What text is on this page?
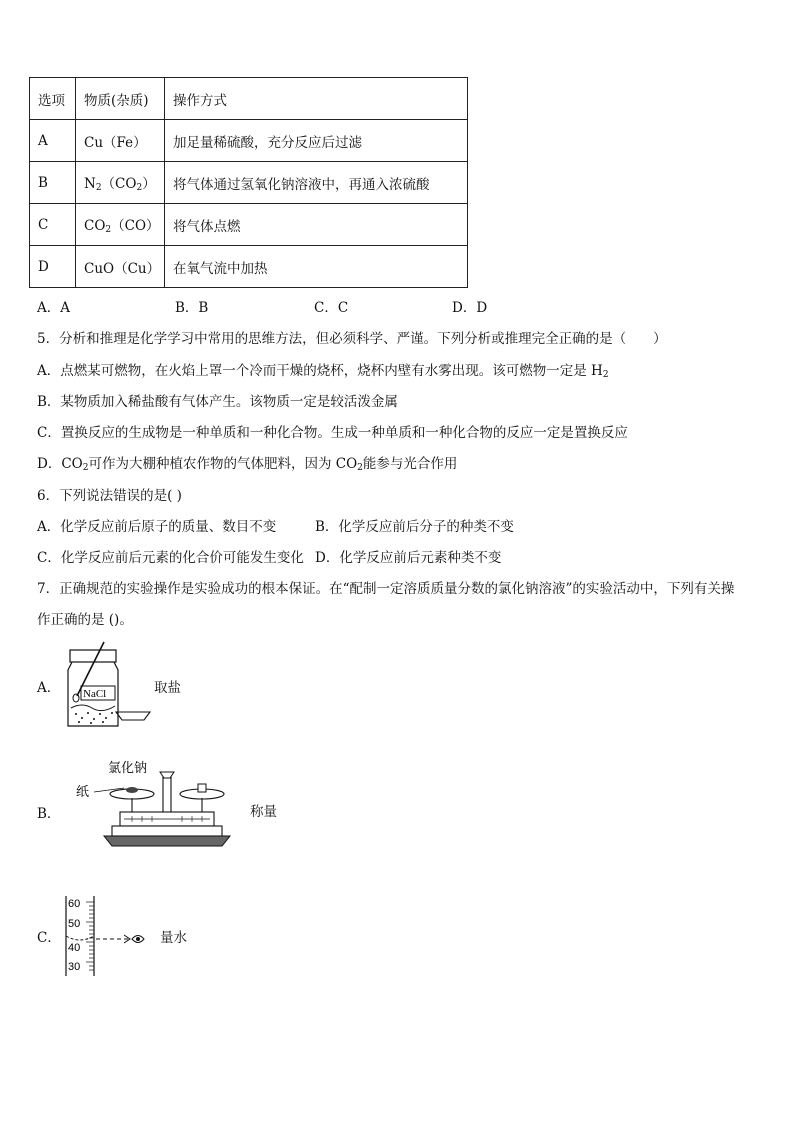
选项	物质(杂质)	操作方式
A	Cu（Fe）	加足量稀硫酸，充分反应后过滤
B	$N_2(CO_2)$	将气体通过氢氧化钠溶液中，再通入浓硫酸
C	$CO_2(CO)$	将气体点燃
D	CuO（Cu）	在氧气流中加热
A．A	B．B	C．C	D．D
5．分析和推理是化学学习中常用的思维方法，但必须科学、严谨。下列分析或推理完全正确的是（　　）
A．点燃某可燃物，在火焰上罩一个冷而干燥的烧杯，烧杯内壁有水雾出现。该可燃物一定是 $H_2$
B．某物质加入稀盐酸有气体产生。该物质一定是较活泼金属
C．置换反应的生成物是一种单质和一种化合物。生成一种单质和一种化合物的反应一定是置换反应
D．$CO_2$可作为大棚种植农作物的气体肥料，因为 $CO_2$能参与光合作用
6．下列说法错误的是( )
A．化学反应前后原子的质量、数目不变	B．化学反应前后分子的种类不变
C．化学反应前后元素的化合价可能发生变化 D．化学反应前后元素种类不变
7．正确规范的实验操作是实验成功的根本保证。在“配制一定溶质质量分数的氯化钠溶液”的实验活动中，下列有关操
作正确的是 ()。
A． NaCl	取盐
B．
氯化钠
纸
称量
C．
60
50
40
30
量水
